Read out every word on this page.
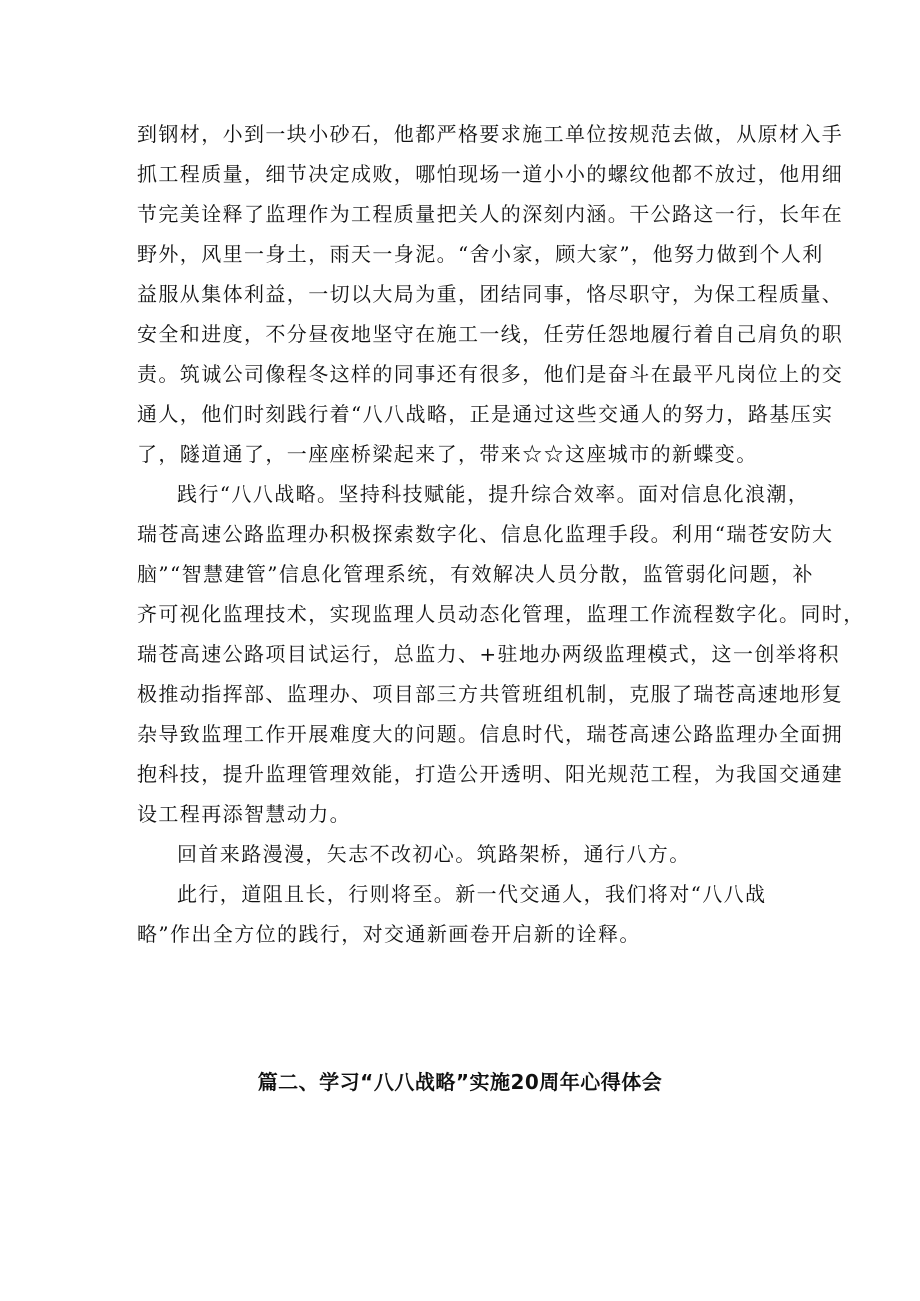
到钢材，小到一块小砂石，他都严格要求施工单位按规范去做，从原材入手
抓工程质量，细节决定成败，哪怕现场一道小小的螺纹他都不放过，他用细
节完美诠释了监理作为工程质量把关人的深刻内涵。干公路这一行，长年在
野外，风里一身土，雨天一身泥。“舍小家，顾大家”，他努力做到个人利
益服从集体利益，一切以大局为重，团结同事，恪尽职守，为保工程质量、
安全和进度，不分昼夜地坚守在施工一线，任劳任怨地履行着自己肩负的职
责。筑诚公司像程冬这样的同事还有很多，他们是奋斗在最平凡岗位上的交
通人，他们时刻践行着“八八战略，正是通过这些交通人的努力，路基压实
了，隧道通了，一座座桥梁起来了，带来☆☆这座城市的新蝶变。

践行“八八战略。坚持科技赋能，提升综合效率。面对信息化浪潮，
瑞苍高速公路监理办积极探索数字化、信息化监理手段。利用“瑞苍安防大
脑”“智慧建管”信息化管理系统，有效解决人员分散，监管弱化问题，补
齐可视化监理技术，实现监理人员动态化管理，监理工作流程数字化。同时，
瑞苍高速公路项目试运行，总监力、+驻地办两级监理模式，这一创举将积
极推动指挥部、监理办、项目部三方共管班组机制，克服了瑞苍高速地形复
杂导致监理工作开展难度大的问题。信息时代，瑞苍高速公路监理办全面拥
抱科技，提升监理管理效能，打造公开透明、阳光规范工程，为我国交通建
设工程再添智慧动力。

回首来路漫漫，矢志不改初心。筑路架桥，通行八方。

此行，道阻且长，行则将至。新一代交通人，我们将对“八八战
略”作出全方位的践行，对交通新画卷开启新的诠释。

篇二、学习“八八战略”实施20周年心得体会
